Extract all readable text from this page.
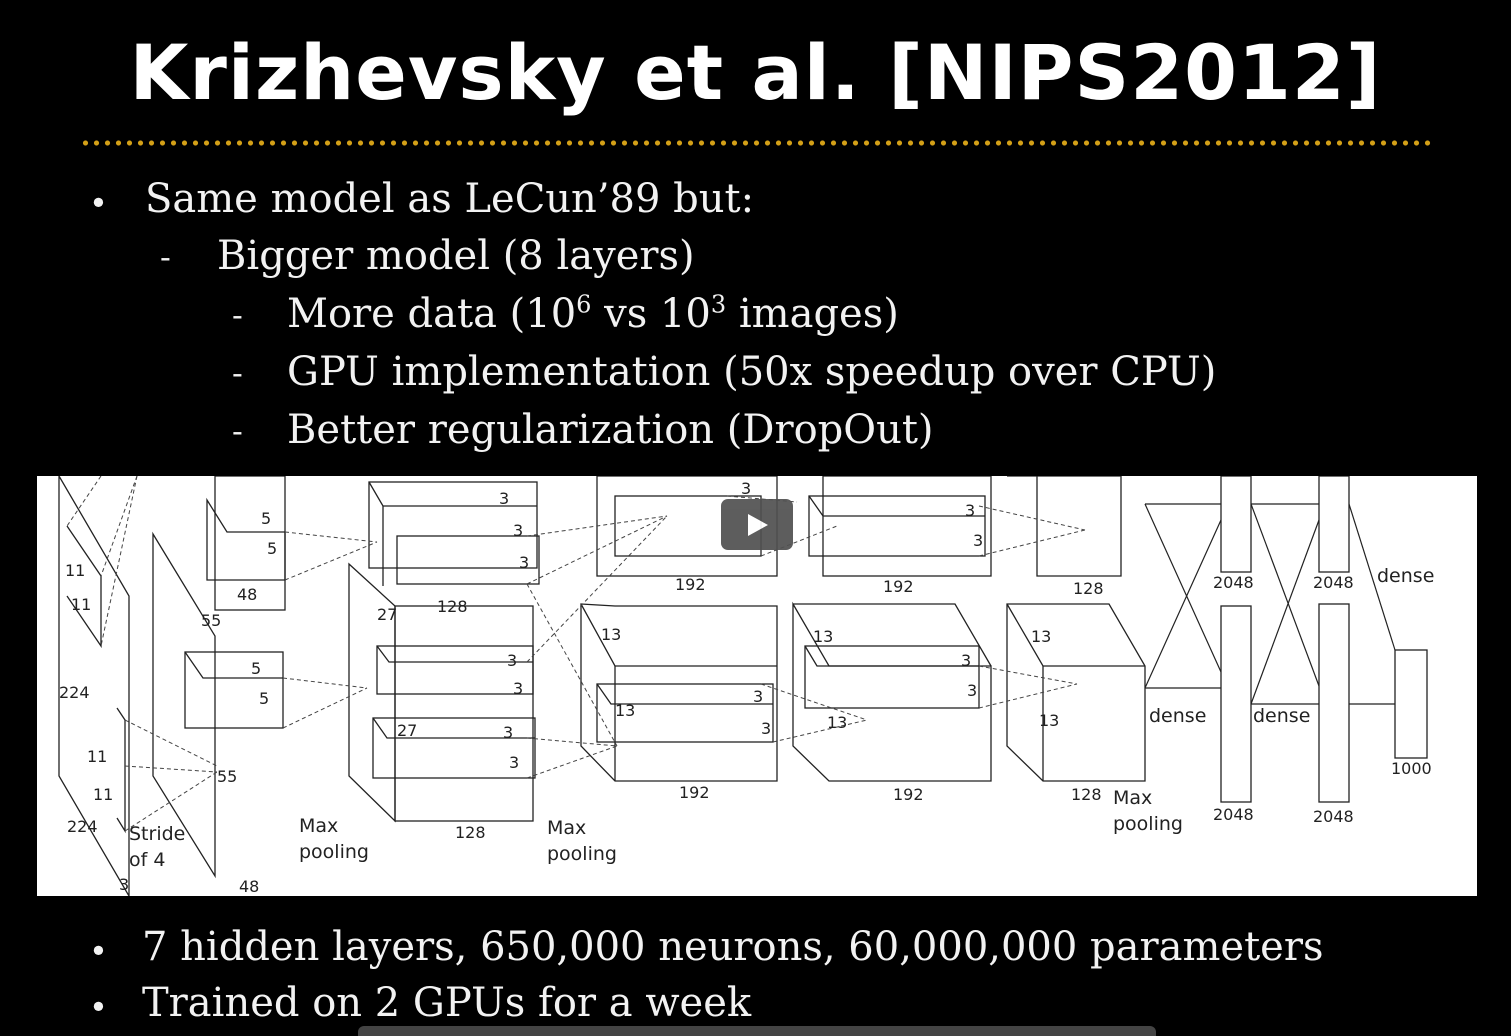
Krizhevsky et al. [NIPS2012]
• Same model as LeCun’89 but:
- Bigger model (8 layers)
- More data ($10^6$ vs $10^3$ images)
- GPU implementation (50x speedup over CPU)
- Better regularization (DropOut)
11
11
224
11
11
224
3
Stride
of 4
55
55
48
48
5
5
5
5
Max
pooling
27
27
128
128
3
3
3
3
3
3
3
Max
pooling
192
192
3
13
13
3
3
192
192
3
3
13
13
3
3
128
128
13
13
Max
pooling
dense dense
dense
2048
2048
2048
2048
1000
• 7 hidden layers, 650,000 neurons, 60,000,000 parameters
• Trained on 2 GPUs for a week
